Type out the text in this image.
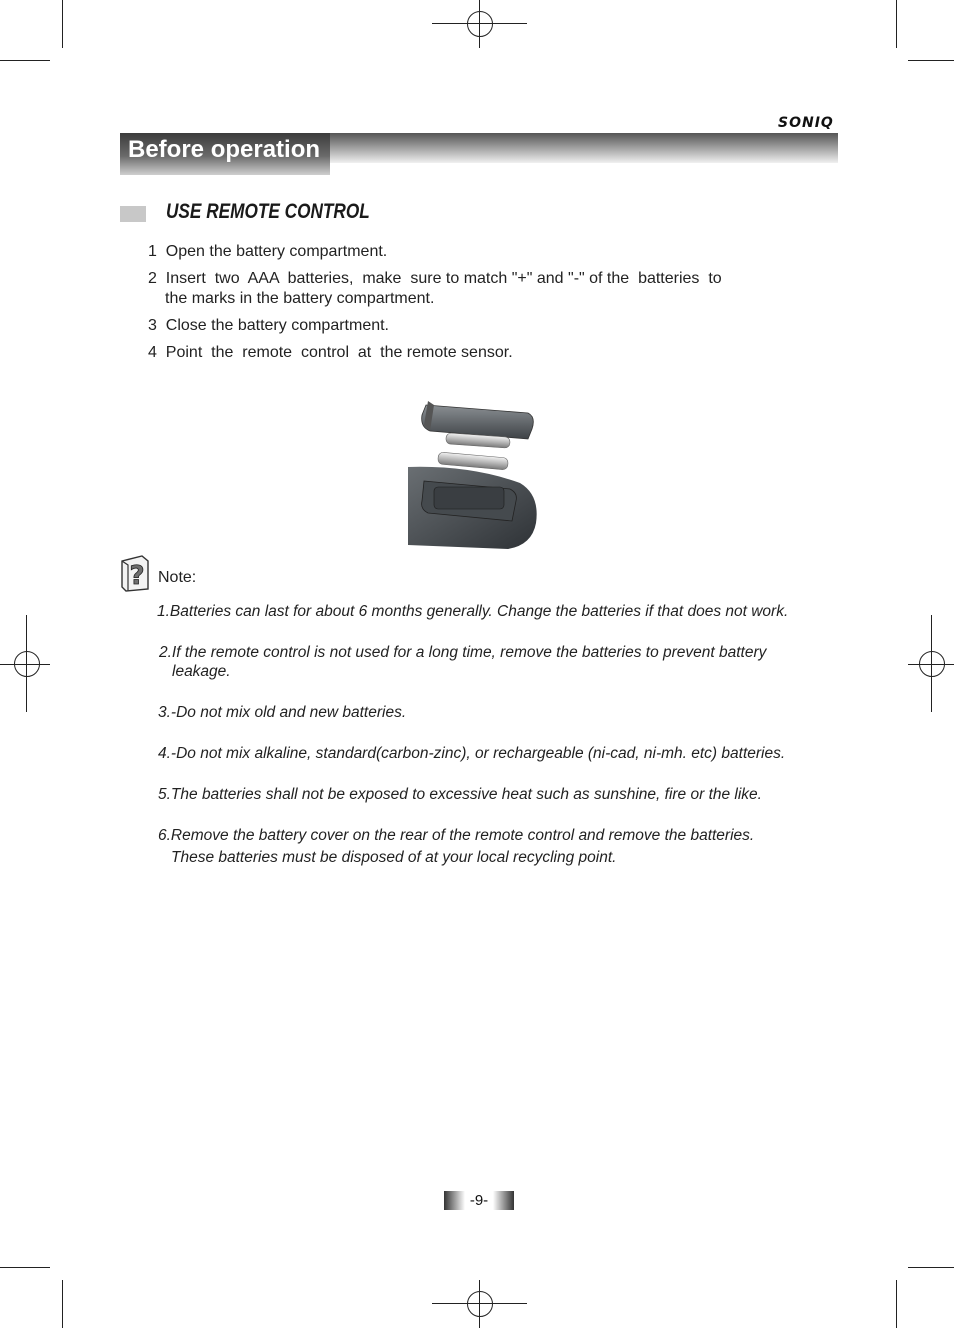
SONIQ
Before operation
USE REMOTE CONTROL
1  Open the battery compartment.
2  Insert  two  AAA  batteries,  make  sure to match "+" and "-" of the  batteries  to
the marks in the battery compartment.
3  Close the battery compartment.
4  Point  the  remote  control  at  the remote sensor.
? Note:
1.Batteries can last for about 6 months generally. Change the batteries if that does not work.
2.If the remote control is not used for a long time, remove the batteries to prevent battery
leakage.
3.-Do not mix old and new batteries.
4.-Do not mix alkaline, standard(carbon-zinc), or rechargeable (ni-cad, ni-mh. etc) batteries.
5.The batteries shall not be exposed to excessive heat such as sunshine, fire or the like.
6.Remove the battery cover on the rear of the remote control and remove the batteries.
These batteries must be disposed of at your local recycling point.
-9-
